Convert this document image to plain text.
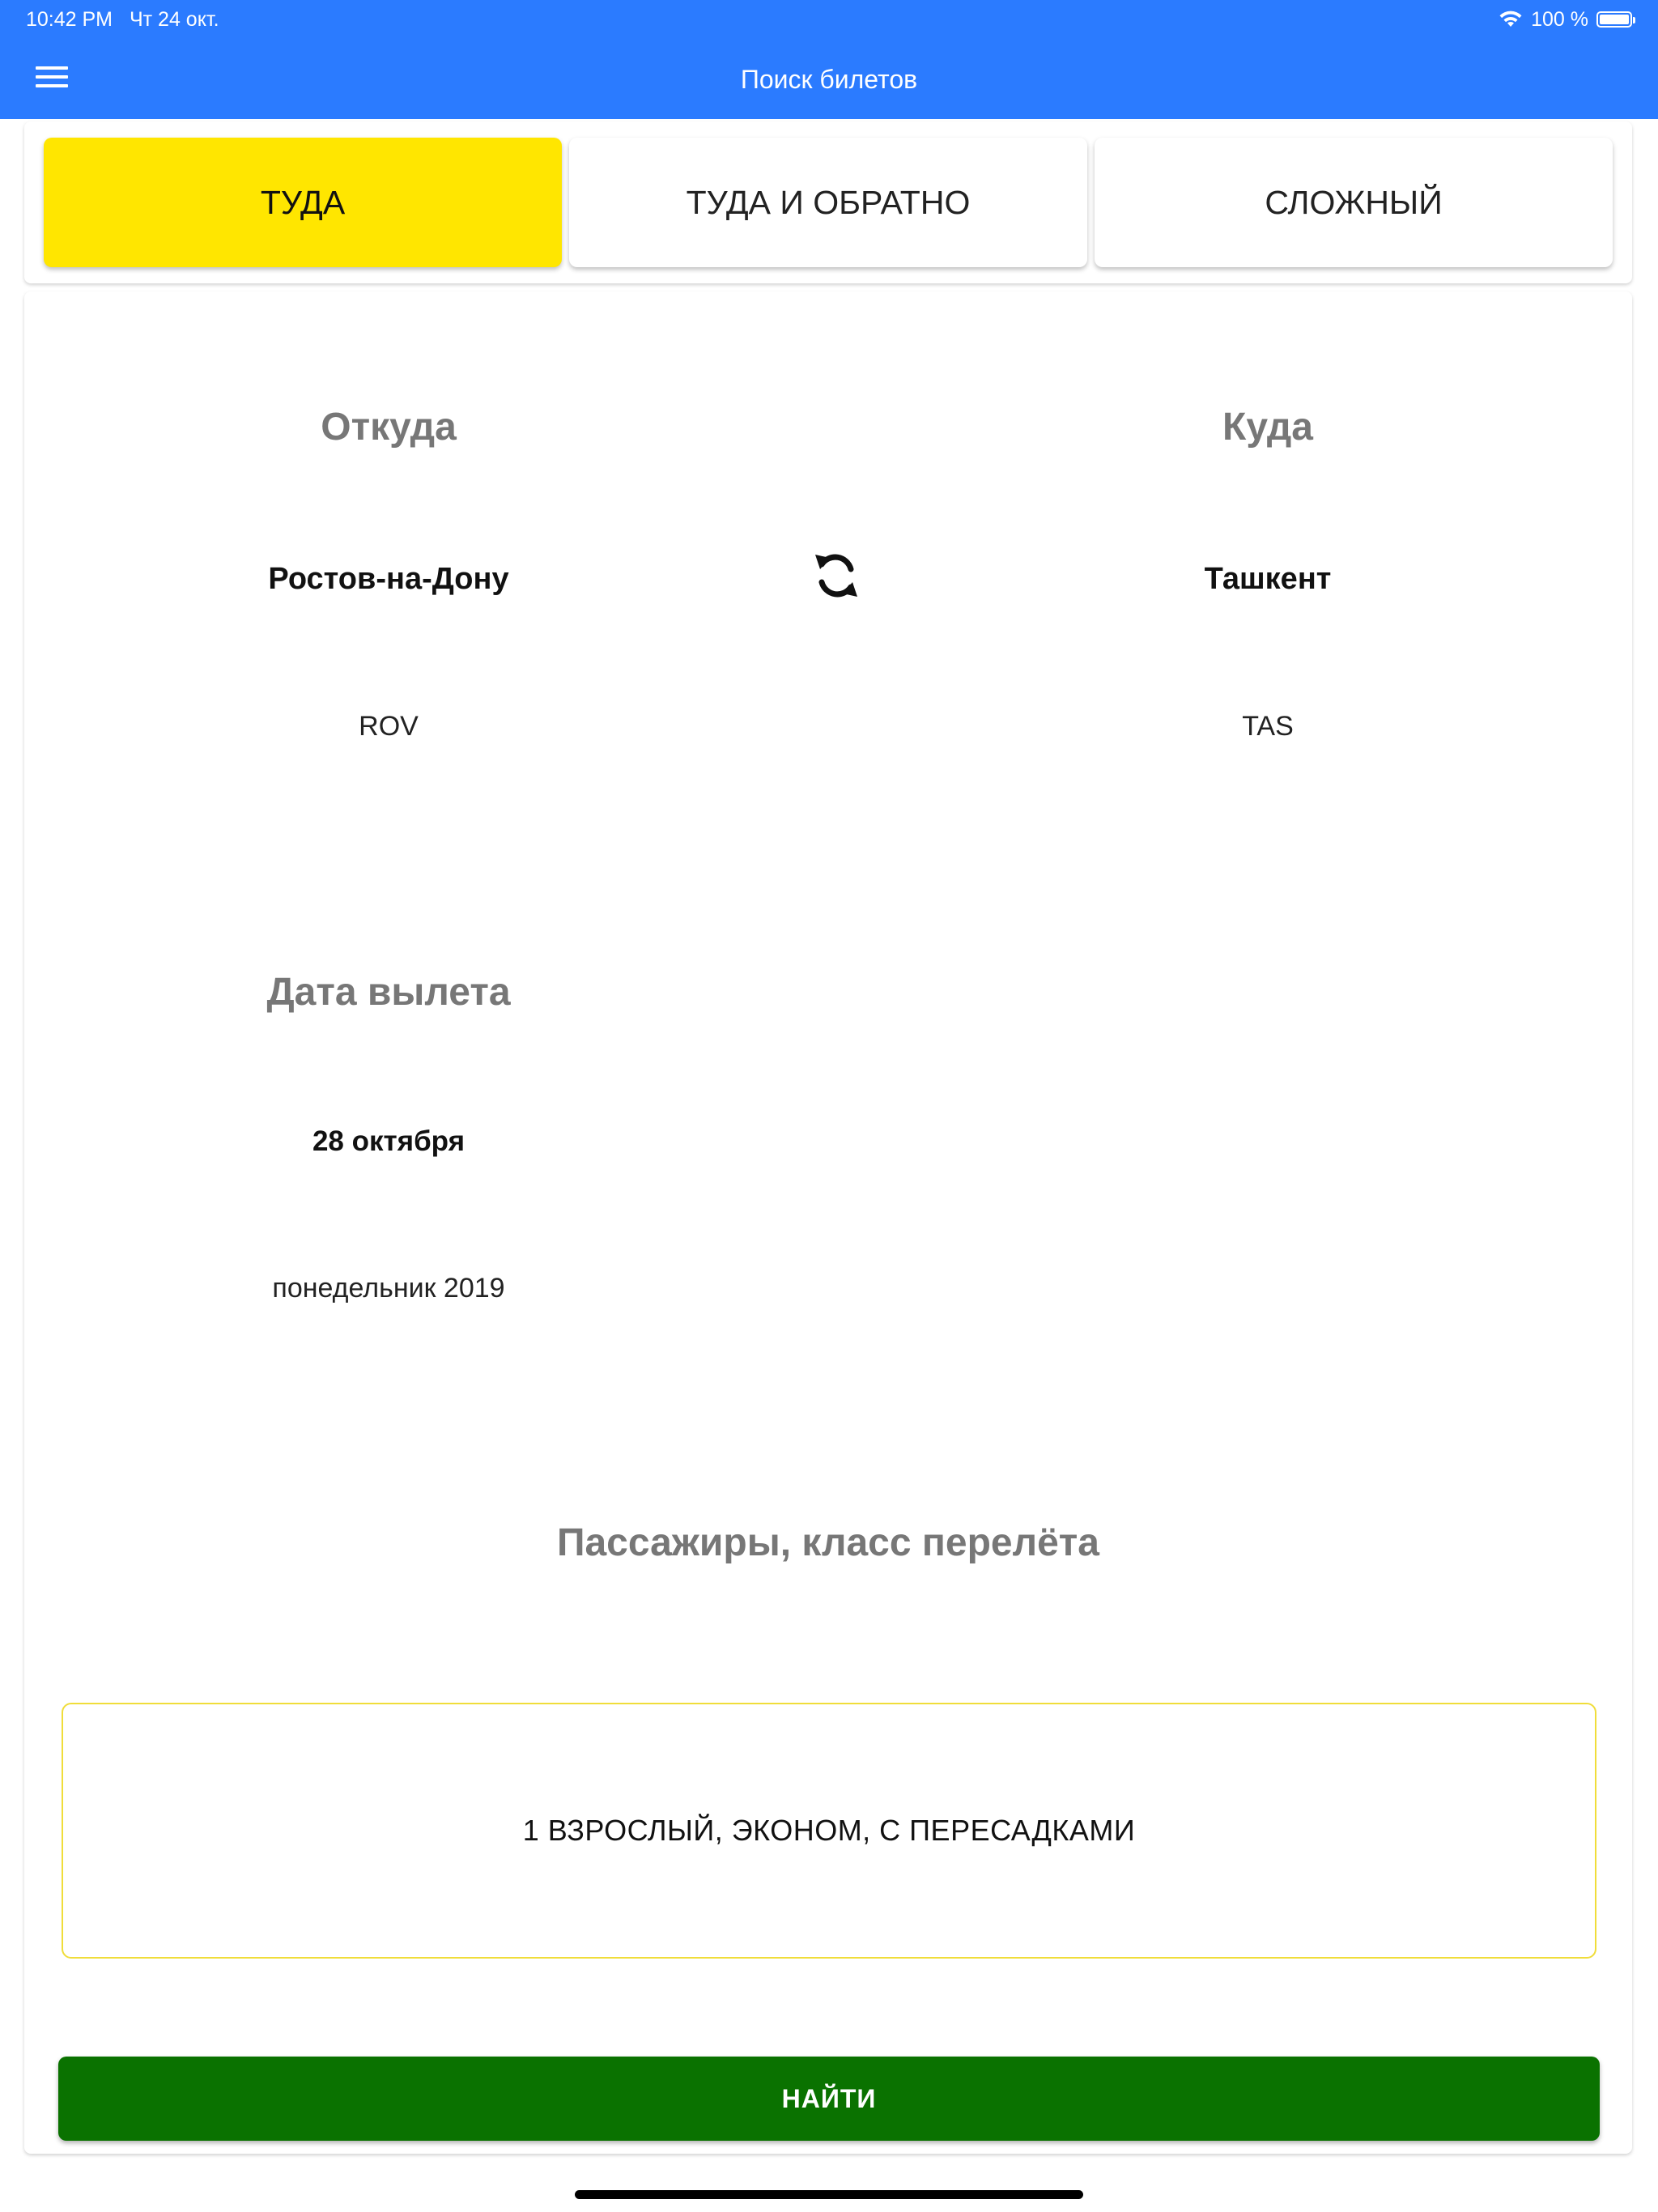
10:42 PM Чт 24 окт.	100 %
Поиск билетов
ТУДА	ТУДА И ОБРАТНО	СЛОЖНЫЙ
Откуда	Куда
Ростов-на-Дону	Ташкент
ROV	TAS
Дата вылета
28 октября
понедельник 2019
Пассажиры, класс перелёта
1 ВЗРОСЛЫЙ, ЭКОНОМ, С ПЕРЕСАДКАМИ
НАЙТИ
